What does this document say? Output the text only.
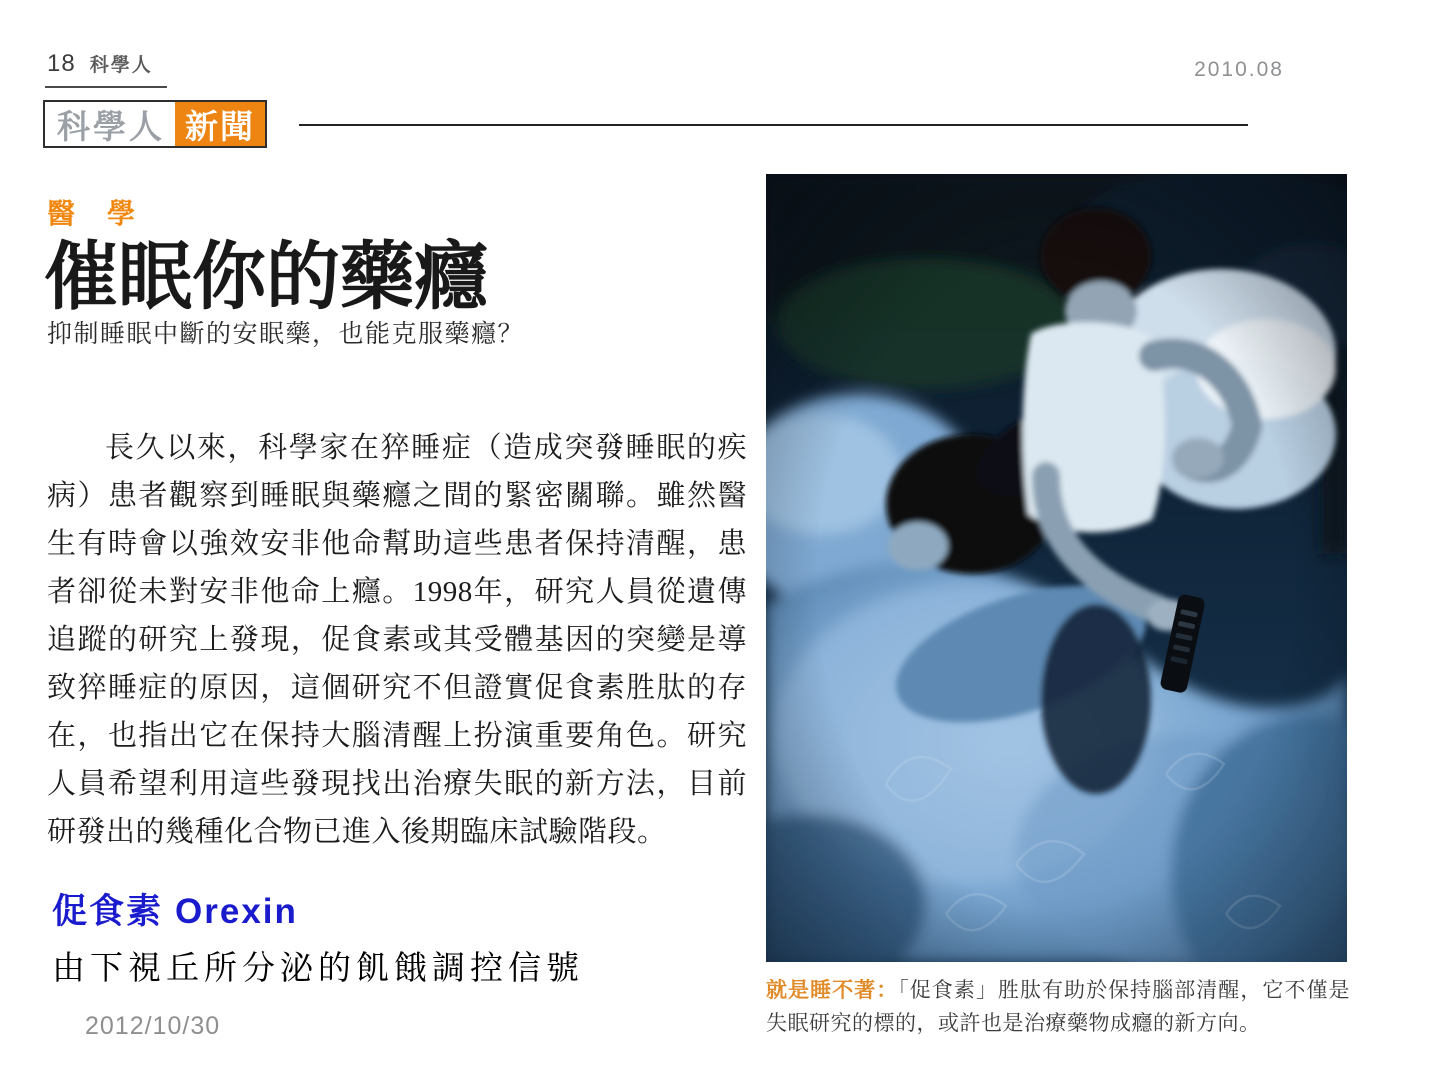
18 科學人	2010.08
科學人 新聞
醫　學
催眠你的藥癮
抑制睡眠中斷的安眠藥，也能克服藥癮？

長久以來，科學家在猝睡症（造成突發睡眠的疾病）患者觀察到睡眠與藥癮之間的緊密關聯。雖然醫生有時會以強效安非他命幫助這些患者保持清醒，患者卻從未對安非他命上癮。1998年，研究人員從遺傳追蹤的研究上發現，促食素或其受體基因的突變是導致猝睡症的原因，這個研究不但證實促食素胜肽的存在，也指出它在保持大腦清醒上扮演重要角色。研究人員希望利用這些發現找出治療失眠的新方法，目前研發出的幾種化合物已進入後期臨床試驗階段。

促食素 Orexin
由下視丘所分泌的飢餓調控信號
2012/10/30

就是睡不著：「促食素」胜肽有助於保持腦部清醒，它不僅是失眠研究的標的，或許也是治療藥物成癮的新方向。
